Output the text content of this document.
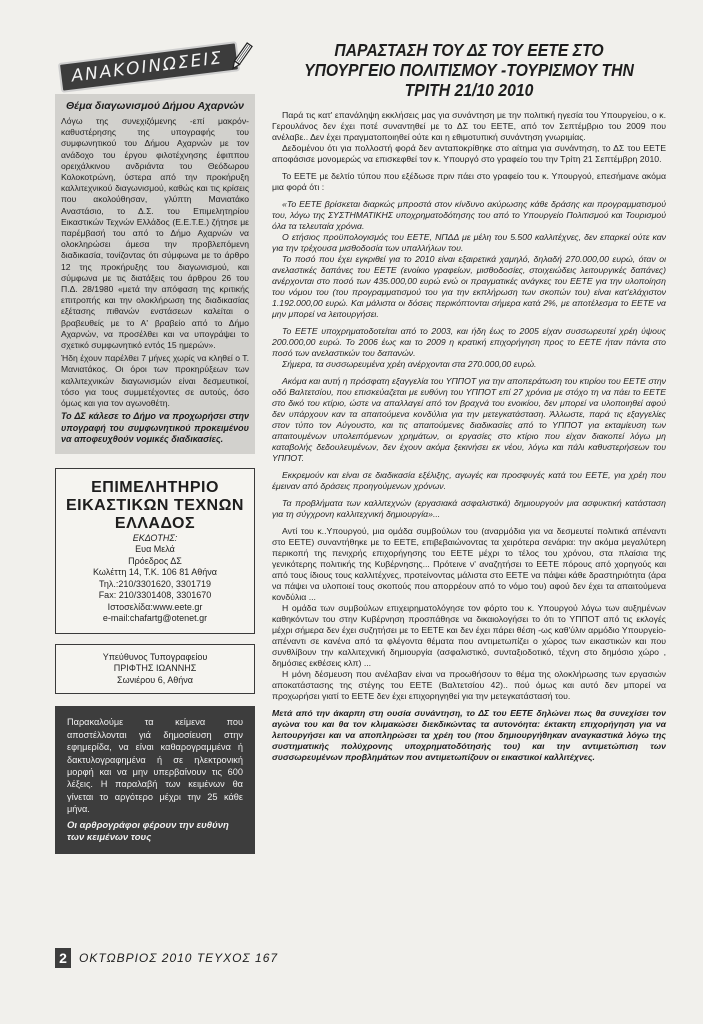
ΑΝΑΚΟΙΝΩΣΕΙΣ
Θέμα διαγωνισμού Δήμου Αχαρνών

Λόγω της συνεχιζόμενης -επί μακρόν- καθυστέρησης της υπογραφής του συμφωνητικού του Δήμου Αχαρνών με τον ανάδοχο του έργου φιλοτέχνησης έφιππου ορειχάλκινου ανδριάντα του Θεόδωρου Κολοκοτρώνη, ύστερα από την προκήρυξη καλλιτεχνικού διαγωνισμού, καθώς και τις κρίσεις που ακολούθησαν, γλύπτη Μανιατάκο Αναστάσιο, το Δ.Σ. του Επιμελητηρίου Εικαστικών Τεχνών Ελλάδος (Ε.Ε.Τ.Ε.) ζήτησε με παρέμβασή του από το Δήμο Αχαρνών να ολοκληρώσει άμεσα την προβλεπόμενη διαδικασία, τονίζοντας ότι σύμφωνα με το άρθρο 12 της προκήρυξης του διαγωνισμού, και σύμφωνα με τις διατάξεις του άρθρου 26 του Π.Δ. 28/1980 «μετά την απόφαση της κριτικής επιτροπής και την ολοκλήρωση της διαδικασίας εξέτασης πιθανών ενστάσεων καλείται ο βραβευθείς με το Α' βραβείο από το Δήμο Αχαρνών, να προσέλθει και να υπογράψει το σχετικό συμφωνητικό εντός 15 ημερών».

Ήδη έχουν παρέλθει 7 μήνες χωρίς να κληθεί ο Τ. Μανιατάκος. Οι όροι των προκηρύξεων των καλλιτεχνικών διαγωνισμών είναι δεσμευτικοί, τόσο για τους συμμετέχοντες σε αυτούς, όσο όμως και για τον αγωνοθέτη.

Το ΔΣ κάλεσε το Δήμο να προχωρήσει στην υπογραφή του συμφωνητικού προκειμένου να αποφευχθούν νομικές διαδικασίες.

ΕΠΙΜΕΛΗΤΗΡΙΟ ΕΙΚΑΣΤΙΚΩΝ ΤΕΧΝΩΝ ΕΛΛΑΔΟΣ
ΕΚΔΟΤΗΣ:
Ευα Μελά
Πρόεδρος ΔΣ
Κωλέττη 14, Τ.Κ. 106 81 Αθήνα
Τηλ.:210/3301620, 3301719
Fax: 210/3301408, 3301670
Ιστοσελίδα:www.eete.gr
e-mail:chafartg@otenet.gr
Υπεύθυνος Τυπογραφείου
ΠΡΙΦΤΗΣ ΙΩΑΝΝΗΣ
Σωνιέρου 6, Αθήνα

Παρακαλούμε τα κείμενα που αποστέλλονται γιά δημοσίευση στην εφημερίδα, να είναι καθαρογραμμένα ή δακτυλογραφημένα ή σε ηλεκτρονική μορφή και να μην υπερβαίνουν τις 600 λέξεις. Η παραλαβή των κειμένων θα γίνεται το αργότερο μέχρι την 25 κάθε μήνα.

Οι αρθρογράφοι φέρουν την ευθύνη των κειμένων τους

2	ΟΚΤΩΒΡΙΟΣ 2010 ΤΕΥΧΟΣ 167
ΠΑΡΑΣΤΑΣΗ ΤΟΥ ΔΣ ΤΟΥ ΕΕΤΕ ΣΤΟ ΥΠΟΥΡΓΕΙΟ ΠΟΛΙΤΙΣΜΟΥ -ΤΟΥΡΙΣΜΟΥ ΤΗΝ ΤΡΙΤΗ 21/10 2010

Παρά τις κατ' επανάληψη εκκλήσεις μας για συνάντηση με την πολιτική ηγεσία του Υπουργείου, ο κ. Γερουλάνος δεν έχει ποτέ συναντηθεί με το ΔΣ του ΕΕΤΕ, από τον Σεπτέμβριο του 2009 που ανέλαβε.. Δεν έχει πραγματοποιηθεί ούτε και η εθιμοτυπική συνάντηση γνωριμίας.

Δεδομένου ότι για πολλοστή φορά δεν ανταποκρίθηκε στο αίτημα για συνάντηση, το ΔΣ του ΕΕΤΕ αποφάσισε μονομερώς να επισκεφθεί τον κ. Υπουργό στο γραφείο του την Τρίτη 21 Σεπτέμβρη 2010.

Το ΕΕΤΕ με δελτίο τύπου που εξέδωσε πριν πάει στο γραφείο του κ. Υπουργού, επεσήμανε ακόμα μια φορά ότι :

«Το ΕΕΤΕ βρίσκεται διαρκώς μπροστά στον κίνδυνο ακύρωσης κάθε δράσης και προγραμματισμού του, λόγω της ΣΥΣΤΗΜΑΤΙΚΗΣ υποχρηματοδότησης του από το Υπουργείο Πολιτισμού και Τουρισμού όλα τα τελευταία χρόνια.

Ο ετήσιος προϋπολογισμός του ΕΕΤΕ, ΝΠΔΔ με μέλη του 5.500 καλλιτέχνες, δεν επαρκεί ούτε καν για την τρέχουσα μισθοδοσία των υπαλλήλων του.

Το ποσό που έχει εγκριθεί για το 2010 είναι εξαιρετικά χαμηλό, δηλαδή 270.000,00 ευρώ, όταν οι ανελαστικές δαπάνες του ΕΕΤΕ (ενοίκιο γραφείων, μισθοδοσίες, στοιχειώδεις λειτουργικές δαπάνες) ανέρχονται στο ποσό των 435.000,00 ευρώ ενώ οι πραγματικές ανάγκες του ΕΕΤΕ για την υλοποίηση του νόμου του (του προγραμματισμού του για την εκπλήρωση των σκοπών του) είναι κατ'ελάχιστον 1.192.000,00 ευρώ. Και μάλιστα οι δόσεις περικόπτονται σήμερα κατά 2%, με αποτέλεσμα το ΕΕΤΕ να μην μπορεί να λειτουργήσει.

Το ΕΕΤΕ υποχρηματοδοτείται από το 2003, και ήδη έως το 2005 είχαν συσσωρευτεί χρέη ύψους 200.000,00 ευρώ. Το 2006 έως και το 2009 η κρατική επιχορήγηση προς το ΕΕΤΕ ήταν πάντα στο ποσό των ανελαστικών του δαπανών.

Σήμερα, τα συσσωρευμένα χρέη ανέρχονται στα 270.000,00 ευρώ.

Ακόμα και αυτή η πρόσφατη εξαγγελία του ΥΠΠΟΤ για την αποπεράτωση του κτιρίου του ΕΕΤΕ στην οδό Βαλτετσίου, που επισκεύαζεται με ευθύνη του ΥΠΠΟΤ επί 27 χρόνια με στόχο τη να πάει το ΕΕΤΕ στο δικό του κτίριο, ώστε να απαλλαγεί από τον βραχνά του ενοικίου, δεν μπορεί να υλοποιηθεί αφού δεν υπάρχουν καν τα απαιτούμενα κονδύλια για την μετεγκατάσταση. Άλλωστε, παρά τις εξαγγελίες στον τύπο τον Αύγουστο, και τις απαιτούμενες διαδικασίες από το ΥΠΠΟΤ για εκταμίευση των απαιτουμένων υπολειπόμενων χρημάτων, οι εργασίες στο κτίριο που είχαν διακοπεί λόγω μη καταβολής δεδουλευμένων, δεν έχουν ακόμα ξεκινήσει εκ νέου, λόγω και πάλι καθυστερήσεων του ΥΠΠΟΤ.

Εκκρεμούν και είναι σε διαδικασία εξέλιξης, αγωγές και προσφυγές κατά του ΕΕΤΕ, για χρέη που έμειναν από δράσεις προηγούμενων χρόνων.

Τα προβλήματα των καλλιτεχνών (εργασιακά ασφαλιστικά) δημιουργούν μια ασφυκτική κατάσταση για τη σύγχρονη καλλιτεχνική δημιουργία»...

Αντί του κ..Υπουργού, μια ομάδα συμβούλων του (αναρμόδια για να δεσμευτεί πολιτικά απέναντι στο ΕΕΤΕ) συναντήθηκε με το ΕΕΤΕ, επιβεβαιώνοντας τα χειρότερα σενάρια: την ακόμα μεγαλύτερη περικοπή της πενιχρής επιχορήγησης του ΕΕΤΕ μέχρι το τέλος του χρόνου, στα πλαίσια της γενικότερης πολιτικής της Κυβέρνησης... Πρότεινε ν' αναζητήσει το ΕΕΤΕ πόρους από χορηγούς και από τους ίδιους τους καλλιτέχνες, προτείνοντας μάλιστα στο ΕΕΤΕ να πάψει κάθε δραστηριότητα (άρα να πάψει να υλοποιεί τους σκοπούς που απορρέουν από το νόμο του) αφού δεν έχει τα απαιτούμενα κονδύλια ...

Η ομάδα των συμβούλων επιχειρηματολόγησε τον φόρτο του κ. Υπουργού λόγω των αυξημένων καθηκόντων του στην Κυβέρνηση προσπάθησε να δικαιολογήσει το ότι το ΥΠΠΟΤ από τις εκλογές μέχρι σήμερα δεν έχει συζητήσει με το ΕΕΤΕ και δεν έχει πάρει θέση -ως καθ'ύλιν αρμόδιο Υπουργείο- απέναντι σε κανένα από τα φλέγοντα θέματα που αντιμετωπίζει ο χώρος των εικαστικών και που συνθλίβουν την καλλιτεχνική δημιουργία (ασφαλιστικό, συνταξιοδοτικό, τέχνη στο δημόσιο χώρο , δημόσιες εκθέσεις κλπ) ...

Η μόνη δέσμευση που ανέλαβαν είναι να προωθήσουν το θέμα της ολοκλήρωσης των εργασιών αποκατάστασης της στέγης του ΕΕΤΕ (Βαλτετσίου 42).. πού όμως και αυτό δεν μπορεί να προχωρήσει γιατί το ΕΕΤΕ δεν έχει επιχορηγηθεί για την μετεγκατάστασή του.

Μετά από την άκαρπη στη ουσία συνάντηση, το ΔΣ του ΕΕΤΕ δηλώνει πως θα συνεχίσει τον αγώνα του και θα τον κλιμακώσει διεκδικώντας τα αυτονόητα: έκτακτη επιχορήγηση για να λειτουργήσει και να αποπληρώσει τα χρέη του (που δημιουργήθηκαν αναγκαστικά λόγω της συστηματικής πολύχρονης υποχρηματοδότησής του) και την αντιμετώπιση των συσσωρευμένων προβλημάτων που αντιμετωπίζουν οι εικαστικοί καλλιτέχνες.
